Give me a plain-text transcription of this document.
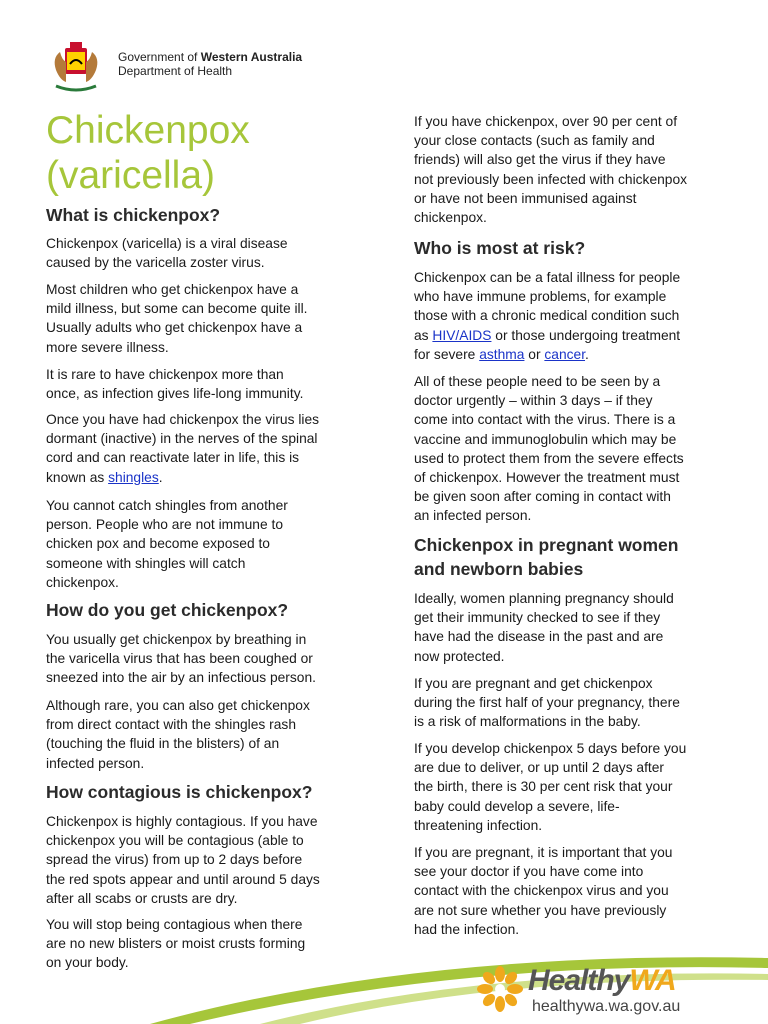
Government of Western Australia
Department of Health
Chickenpox
(varicella)
What is chickenpox?

Chickenpox (varicella) is a viral disease
caused by the varicella zoster virus.

Most children who get chickenpox have a
mild illness, but some can become quite ill.
Usually adults who get chickenpox have a
more severe illness.

It is rare to have chickenpox more than
once, as infection gives life-long immunity.

Once you have had chickenpox the virus lies
dormant (inactive) in the nerves of the spinal
cord and can reactivate later in life, this is
known as shingles.

You cannot catch shingles from another
person. People who are not immune to
chicken pox and become exposed to
someone with shingles will catch
chickenpox.

How do you get chickenpox?

You usually get chickenpox by breathing in
the varicella virus that has been coughed or
sneezed into the air by an infectious person.

Although rare, you can also get chickenpox
from direct contact with the shingles rash
(touching the fluid in the blisters) of an
infected person.

How contagious is chickenpox?

Chickenpox is highly contagious. If you have
chickenpox you will be contagious (able to
spread the virus) from up to 2 days before
the red spots appear and until around 5 days
after all scabs or crusts are dry.

You will stop being contagious when there
are no new blisters or moist crusts forming
on your body.

If you have chickenpox, over 90 per cent of
your close contacts (such as family and
friends) will also get the virus if they have
not previously been infected with chickenpox
or have not been immunised against
chickenpox.

Who is most at risk?

Chickenpox can be a fatal illness for people
who have immune problems, for example
those with a chronic medical condition such
as HIV/AIDS or those undergoing treatment
for severe asthma or cancer.

All of these people need to be seen by a
doctor urgently – within 3 days – if they
come into contact with the virus. There is a
vaccine and immunoglobulin which may be
used to protect them from the severe effects
of chickenpox. However the treatment must
be given soon after coming in contact with
an infected person.

Chickenpox in pregnant women
and newborn babies

Ideally, women planning pregnancy should
get their immunity checked to see if they
have had the disease in the past and are
now protected.

If you are pregnant and get chickenpox
during the first half of your pregnancy, there
is a risk of malformations in the baby.

If you develop chickenpox 5 days before you
are due to deliver, or up until 2 days after
the birth, there is 30 per cent risk that your
baby could develop a severe, life-
threatening infection.

If you are pregnant, it is important that you
see your doctor if you have come into
contact with the chickenpox virus and you
are not sure whether you have previously
had the infection.

HealthyWA
healthywa.wa.gov.au
